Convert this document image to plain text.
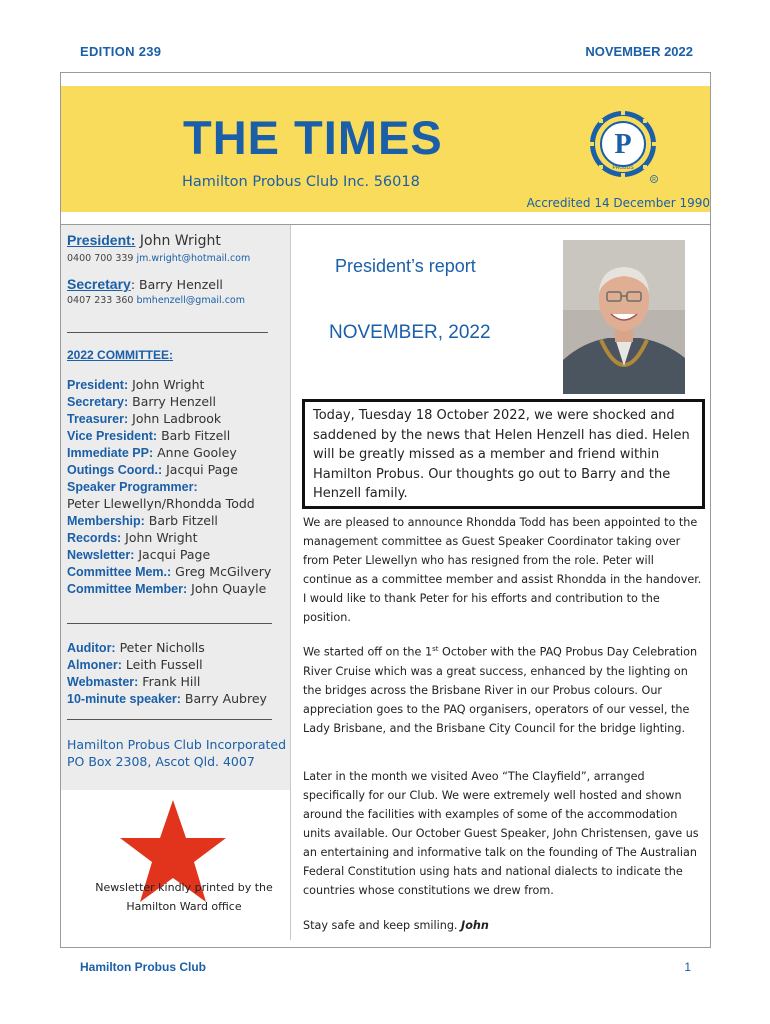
EDITION 239	NOVEMBER 2022
THE TIMES
Hamilton Probus Club Inc. 56018
Accredited 14 December 1990
P
PROBUS
R
President: John Wright
0400 700 339 jm.wright@hotmail.com
Secretary: Barry Henzell
0407 233 360 bmhenzell@gmail.com
2022 COMMITTEE:
President: John Wright
Secretary: Barry Henzell
Treasurer: John Ladbrook
Vice President: Barb Fitzell
Immediate PP: Anne Gooley
Outings Coord.: Jacqui Page
Speaker Programmer:
Peter Llewellyn/Rhondda Todd
Membership: Barb Fitzell
Records: John Wright
Newsletter: Jacqui Page
Committee Mem.: Greg McGilvery
Committee Member: John Quayle
Auditor: Peter Nicholls
Almoner: Leith Fussell
Webmaster: Frank Hill
10-minute speaker: Barry Aubrey
Hamilton Probus Club Incorporated
PO Box 2308, Ascot Qld. 4007
Newsletter kindly printed by the Hamilton Ward office
President’s report
NOVEMBER, 2022
Today, Tuesday 18 October 2022, we were shocked and saddened by the news that Helen Henzell has died. Helen will be greatly missed as a member and friend within Hamilton Probus. Our thoughts go out to Barry and the Henzell family.
We are pleased to announce Rhondda Todd has been appointed to the management committee as Guest Speaker Coordinator taking over from Peter Llewellyn who has resigned from the role. Peter will continue as a committee member and assist Rhondda in the handover. I would like to thank Peter for his efforts and contribution to the position.
We started off on the 1st October with the PAQ Probus Day Celebration River Cruise which was a great success, enhanced by the lighting on the bridges across the Brisbane River in our Probus colours. Our appreciation goes to the PAQ organisers, operators of our vessel, the Lady Brisbane, and the Brisbane City Council for the bridge lighting.
Later in the month we visited Aveo “The Clayfield”, arranged specifically for our Club. We were extremely well hosted and shown around the facilities with examples of some of the accommodation units available. Our October Guest Speaker, John Christensen, gave us an entertaining and informative talk on the founding of The Australian Federal Constitution using hats and national dialects to indicate the countries whose constitutions we drew from.
Stay safe and keep smiling. John
Hamilton Probus Club	1
